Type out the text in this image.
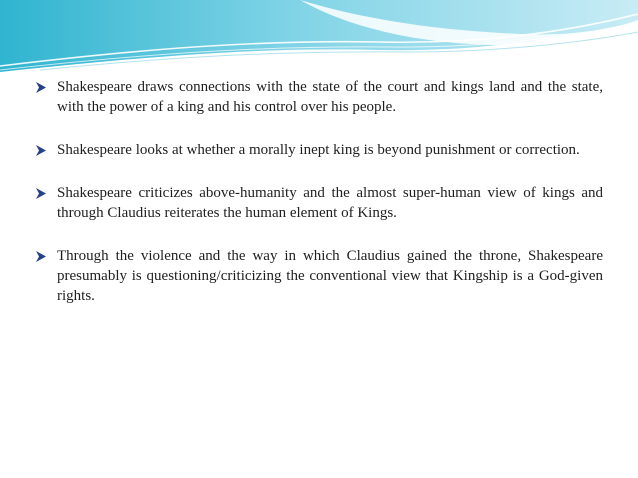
Shakespeare draws connections with the state of the court and kings land and the state, with the power of a king and his control over his people.
Shakespeare looks at whether a morally inept king is beyond punishment or correction.
Shakespeare criticizes above-humanity and the almost super-human view of kings and through Claudius reiterates the human element of Kings.
Through the violence and the way in which Claudius gained the throne, Shakespeare presumably is questioning/criticizing the conventional view that Kingship is a God-given rights.
